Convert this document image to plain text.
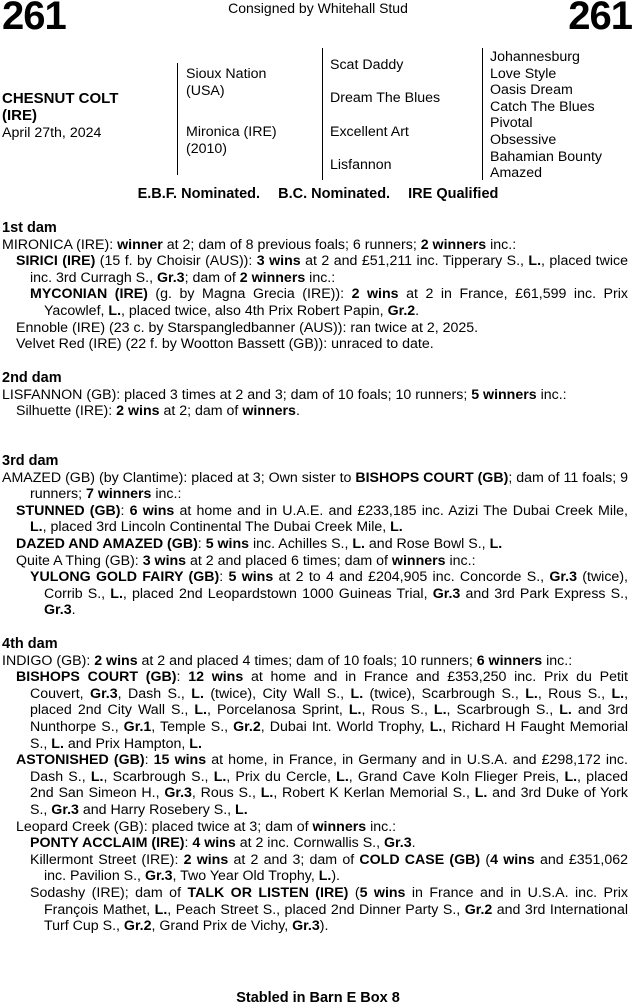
261	Consigned by Whitehall Stud	261
CHESNUT COLT
(IRE)
April 27th, 2024
Sioux Nation
(USA)
Mironica (IRE)
(2010)
Scat Daddy
Dream The Blues
Excellent Art
Lisfannon
Johannesburg
Love Style
Oasis Dream
Catch The Blues
Pivotal
Obsessive
Bahamian Bounty
Amazed
E.B.F. Nominated. B.C. Nominated. IRE Qualified
1st dam

MIRONICA (IRE): winner at 2; dam of 8 previous foals; 6 runners; 2 winners inc.:

SIRICI (IRE) (15 f. by Choisir (AUS)): 3 wins at 2 and £51,211 inc. Tipperary S., L., placed twice inc. 3rd Curragh S., Gr.3; dam of 2 winners inc.:

MYCONIAN (IRE) (g. by Magna Grecia (IRE)): 2 wins at 2 in France, £61,599 inc. Prix Yacowlef, L., placed twice, also 4th Prix Robert Papin, Gr.2.

Ennoble (IRE) (23 c. by Starspangledbanner (AUS)): ran twice at 2, 2025.

Velvet Red (IRE) (22 f. by Wootton Bassett (GB)): unraced to date.

2nd dam

LISFANNON (GB): placed 3 times at 2 and 3; dam of 10 foals; 10 runners; 5 winners inc.:

Silhuette (IRE): 2 wins at 2; dam of winners.

3rd dam

AMAZED (GB) (by Clantime): placed at 3; Own sister to BISHOPS COURT (GB); dam of 11 foals; 9 runners; 7 winners inc.:

STUNNED (GB): 6 wins at home and in U.A.E. and £233,185 inc. Azizi The Dubai Creek Mile, L., placed 3rd Lincoln Continental The Dubai Creek Mile, L.

DAZED AND AMAZED (GB): 5 wins inc. Achilles S., L. and Rose Bowl S., L.

Quite A Thing (GB): 3 wins at 2 and placed 6 times; dam of winners inc.:

YULONG GOLD FAIRY (GB): 5 wins at 2 to 4 and £204,905 inc. Concorde S., Gr.3 (twice), Corrib S., L., placed 2nd Leopardstown 1000 Guineas Trial, Gr.3 and 3rd Park Express S., Gr.3.

4th dam

INDIGO (GB): 2 wins at 2 and placed 4 times; dam of 10 foals; 10 runners; 6 winners inc.:

BISHOPS COURT (GB): 12 wins at home and in France and £353,250 inc. Prix du Petit Couvert, Gr.3, Dash S., L. (twice), City Wall S., L. (twice), Scarbrough S., L., Rous S., L., placed 2nd City Wall S., L., Porcelanosa Sprint, L., Rous S., L., Scarbrough S., L. and 3rd Nunthorpe S., Gr.1, Temple S., Gr.2, Dubai Int. World Trophy, L., Richard H Faught Memorial S., L. and Prix Hampton, L.

ASTONISHED (GB): 15 wins at home, in France, in Germany and in U.S.A. and £298,172 inc. Dash S., L., Scarbrough S., L., Prix du Cercle, L., Grand Cave Koln Flieger Preis, L., placed 2nd San Simeon H., Gr.3, Rous S., L., Robert K Kerlan Memorial S., L. and 3rd Duke of York S., Gr.3 and Harry Rosebery S., L.

Leopard Creek (GB): placed twice at 3; dam of winners inc.:

PONTY ACCLAIM (IRE): 4 wins at 2 inc. Cornwallis S., Gr.3.

Killermont Street (IRE): 2 wins at 2 and 3; dam of COLD CASE (GB) (4 wins and £351,062 inc. Pavilion S., Gr.3, Two Year Old Trophy, L.).

Sodashy (IRE); dam of TALK OR LISTEN (IRE) (5 wins in France and in U.S.A. inc. Prix François Mathet, L., Peach Street S., placed 2nd Dinner Party S., Gr.2 and 3rd International Turf Cup S., Gr.2, Grand Prix de Vichy, Gr.3).

Stabled in Barn E Box 8
